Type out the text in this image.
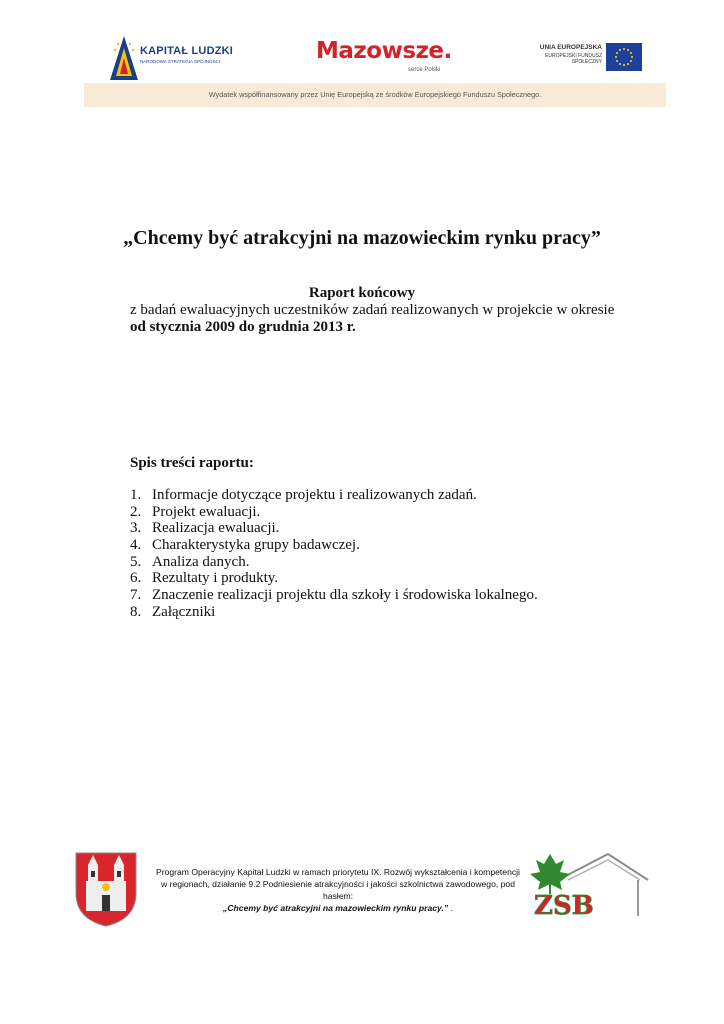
KAPITAŁ LUDZKI
NARODOWA STRATEGIA SPÓJNOŚCI	Mazowsze.
serce Polski
UNIA EUROPEJSKA
EUROPEJSKI FUNDUSZ SPOŁECZNY
Wydatek współfinansowany przez Unię Europejską ze środków Europejskiego Funduszu Społecznego.
„Chcemy być atrakcyjni na mazowieckim rynku pracy”
Raport końcowy
z badań ewaluacyjnych uczestników zadań realizowanych w projekcie w okresie od stycznia 2009 do grudnia 2013 r.
Spis treści raportu:
1. Informacje dotyczące projektu i realizowanych zadań.
2. Projekt ewaluacji.
3. Realizacja ewaluacji.
4. Charakterystyka grupy badawczej.
5. Analiza danych.
6. Rezultaty i produkty.
7. Znaczenie realizacji projektu dla szkoły i środowiska lokalnego.
8. Załączniki
Program Operacyjny Kapitał Ludzki w ramach priorytetu IX. Rozwój wykształcenia i kompetencji w regionach, działanie 9.2 Podniesienie atrakcyjności i jakości szkolnictwa zawodowego, pod hasłem:
„Chcemy być atrakcyjni na mazowieckim rynku pracy.” .	ZSB
